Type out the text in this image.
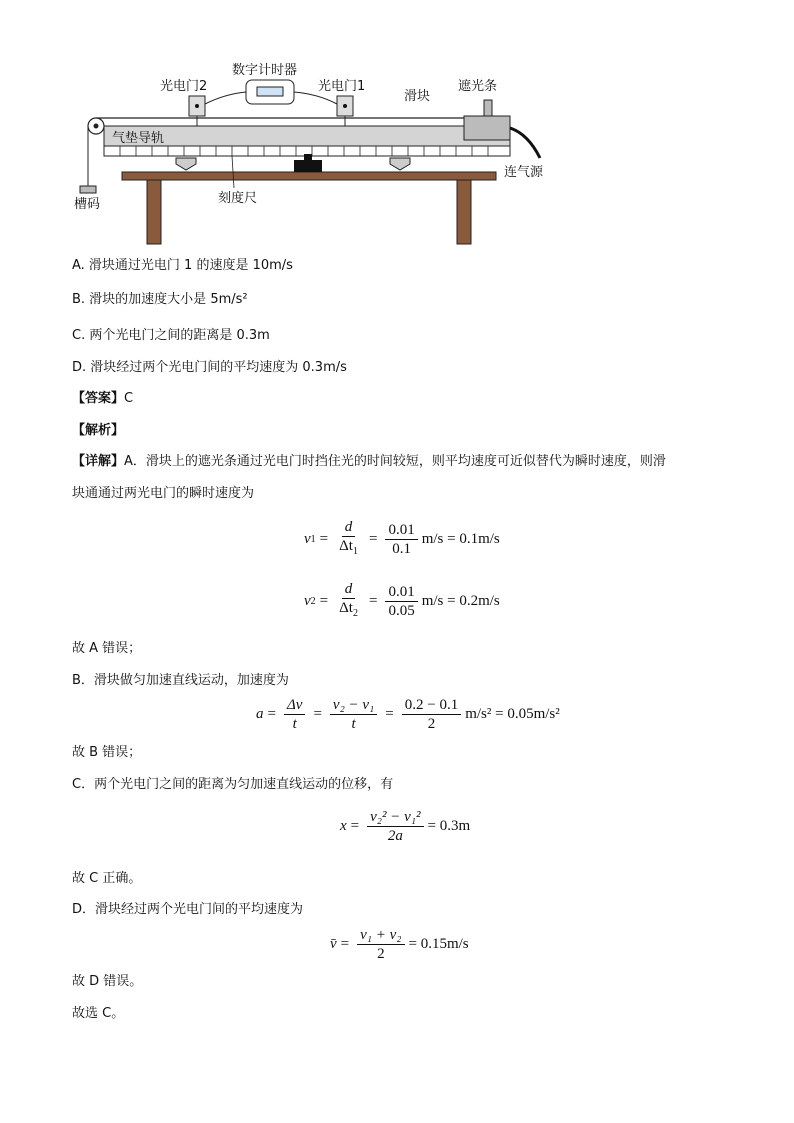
数字计时器
光电门2	光电门1
滑块
遮光条
气垫导轨
连气源
刻度尺
槽码
A. 滑块通过光电门 1 的速度是 10m/s
B. 滑块的加速度大小是 5m/s²
C. 两个光电门之间的距离是 0.3m
D. 滑块经过两个光电门间的平均速度为 0.3m/s
【答案】C
【解析】
【详解】A．滑块上的遮光条通过光电门时挡住光的时间较短，则平均速度可近似替代为瞬时速度，则滑
块通通过两光电门的瞬时速度为
v $1 = \frac{d}{\Delta t_1} = \frac{0.01}{0.1} m/s = 0.1m/s$
v $2 = \frac{d}{\Delta t_2} = \frac{0.01}{0.05} m/s = 0.2m/s$
故 A 错误；
B．滑块做匀加速直线运动，加速度为
$a = \frac{\Delta v}{t} = \frac{\text{v₂ − v₁}}{t} = \frac{0.2 - 0.1}{2} m/s^2 = 0.05m/s^2$
故 B 错误；
C．两个光电门之间的距离为匀加速直线运动的位移，有
$x = \frac{\text{v₂² − v₁²}}{2a} = 0.3m$
故 C 正确。
D．滑块经过两个光电门间的平均速度为
v̄ = $\frac{\text{v₁ + v₂}}{2} = 0.15m/s$
故 D 错误。
故选 C。
